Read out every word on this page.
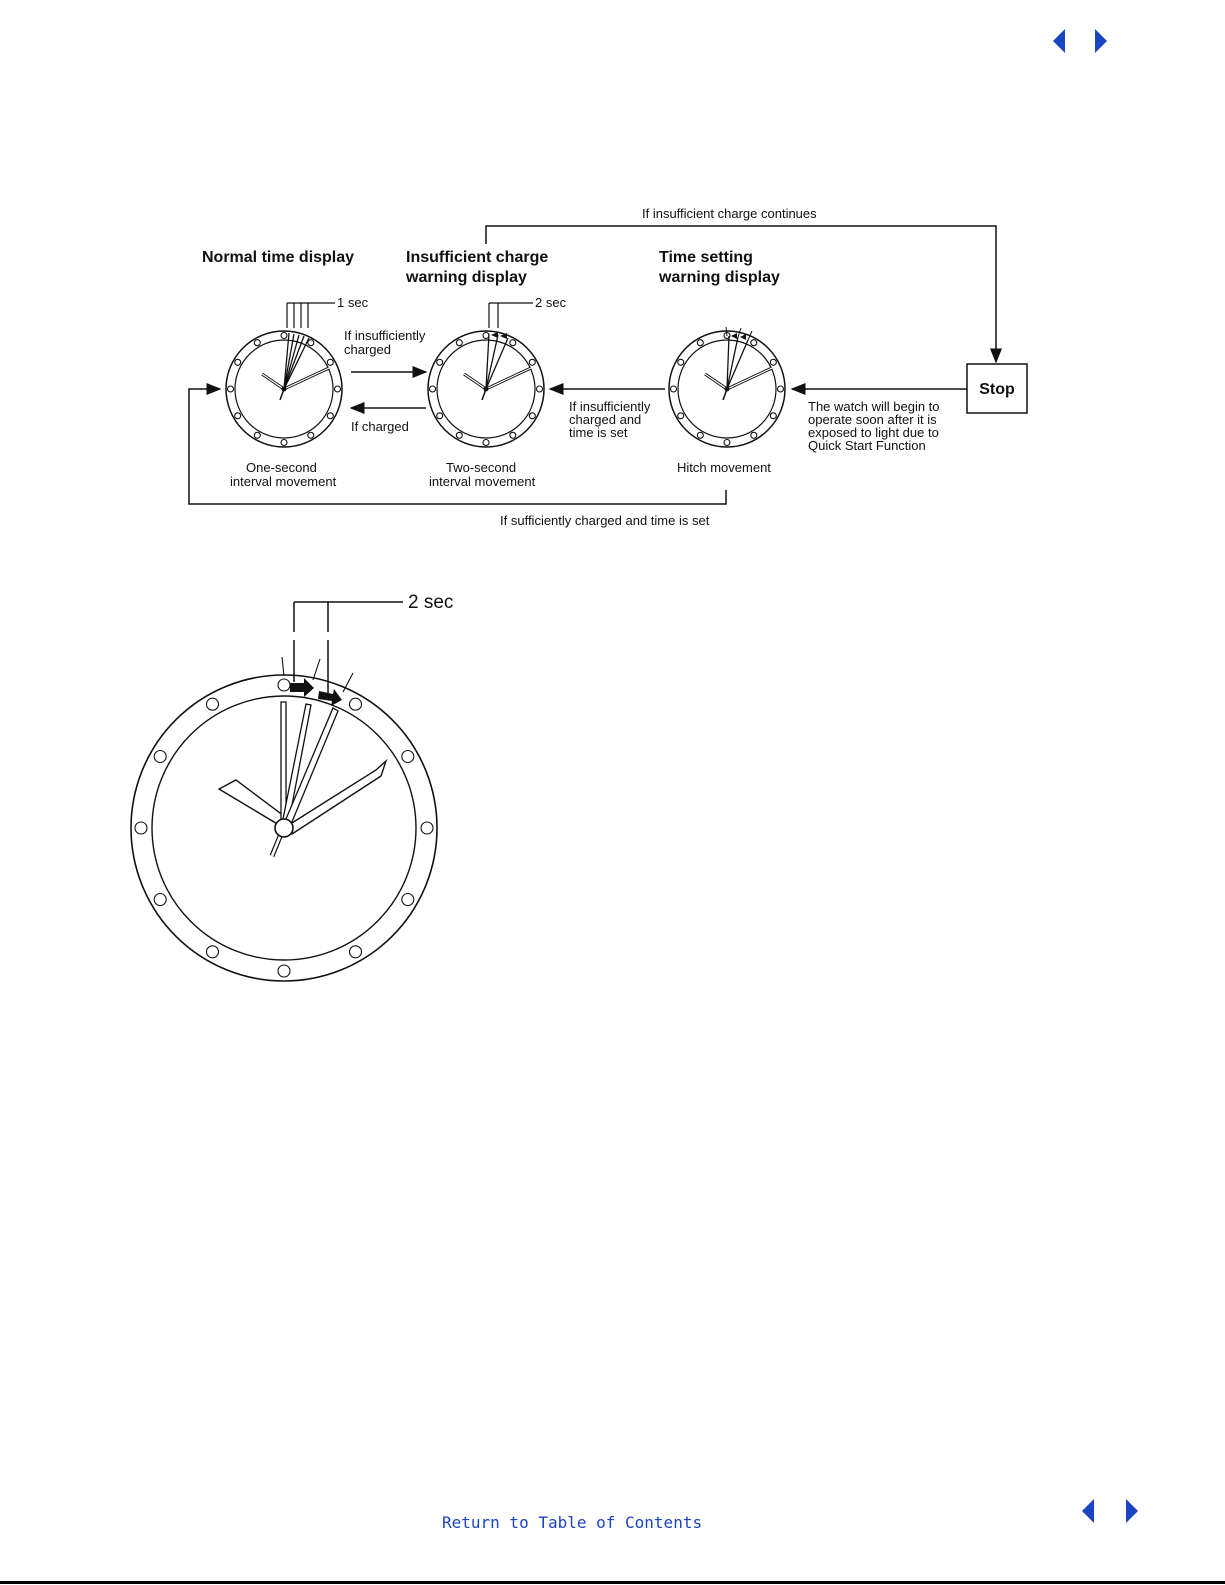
If insufficient charge continues
If sufficiently charged and time is set
Normal time display	Insufficient charge
warning display
Time setting
warning display
1 sec
One-second
interval movement
2 sec
Two-second
interval movement
Hitch movement
If insufficiently
charged
If charged
If insufficiently
charged and
time is set
The watch will begin to
operate soon after it is
exposed to light due to
Quick Start Function
Stop
2 sec
Return to Table of Contents
